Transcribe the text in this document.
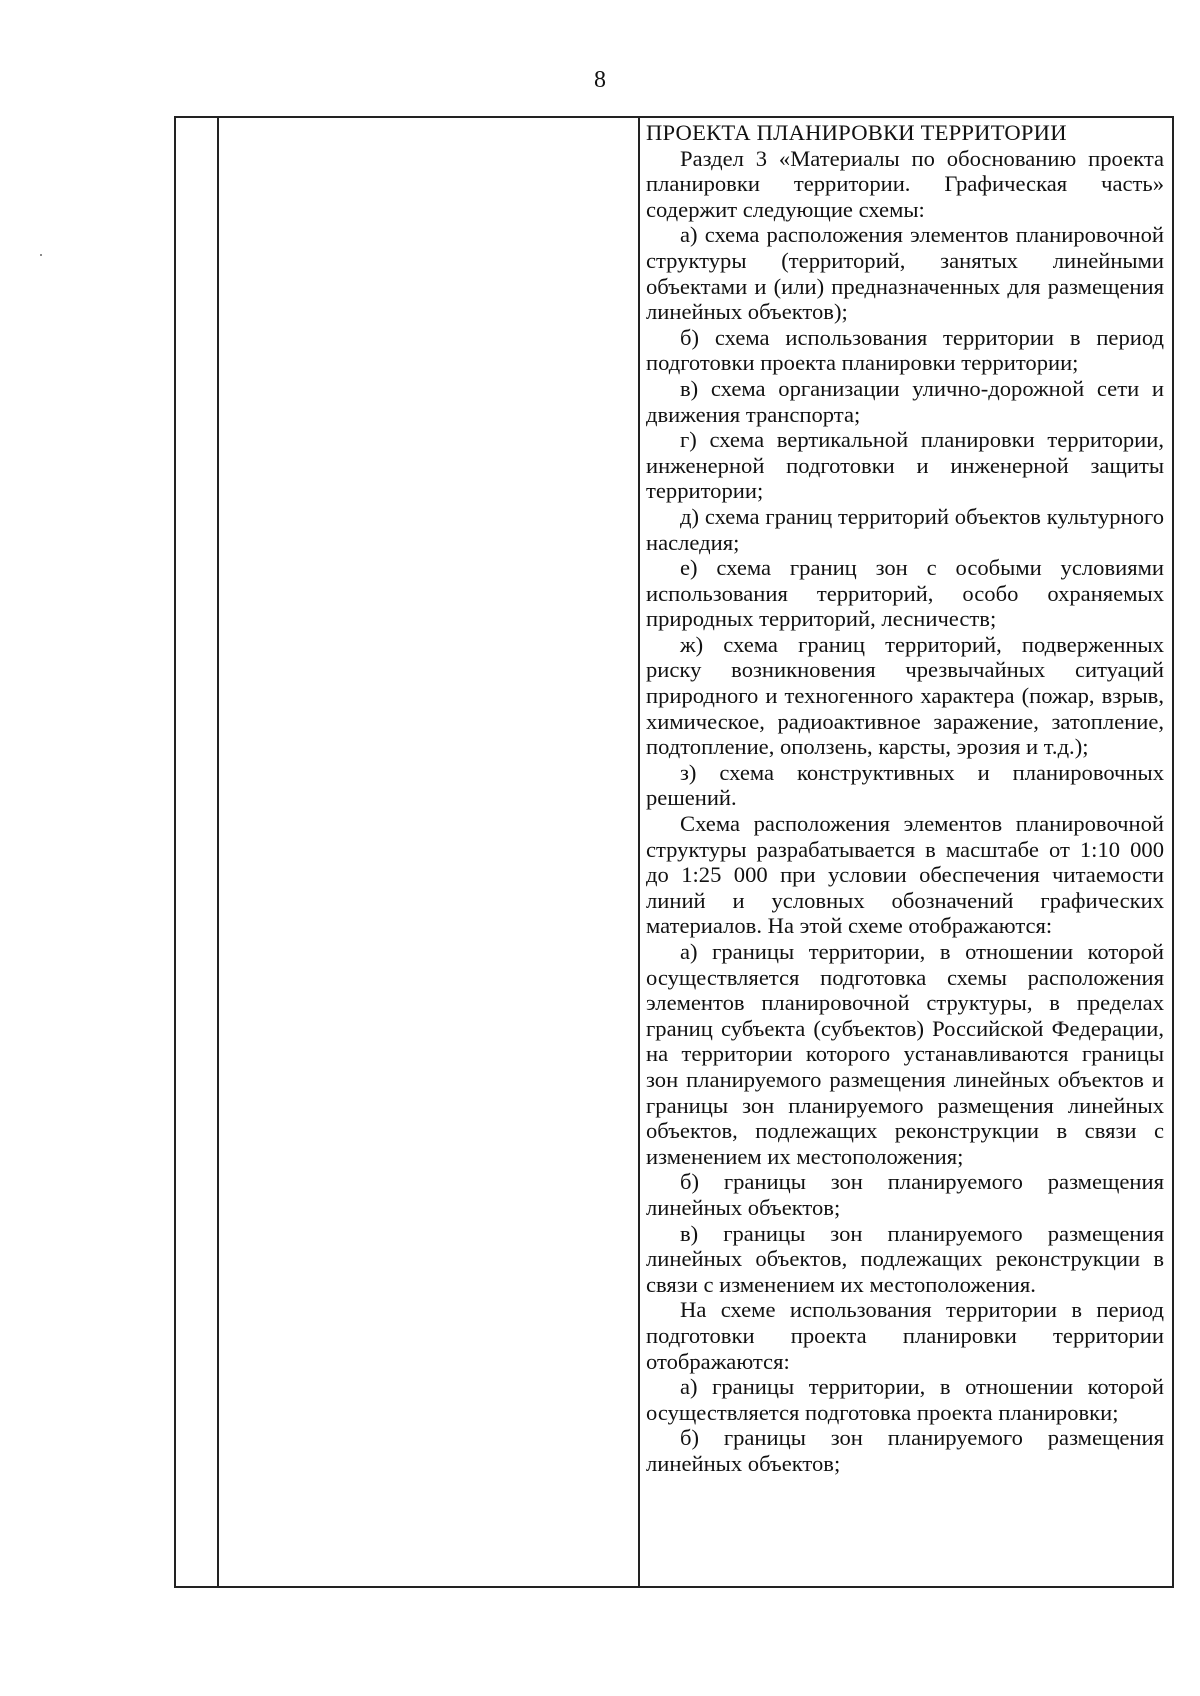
8

ПРОЕКТА ПЛАНИРОВКИ ТЕРРИТОРИИ

Раздел 3 «Материалы по обоснованию проекта планировки территории. Графическая часть» содержит следующие схемы:

а) схема расположения элементов планировочной структуры (территорий, занятых линейными объектами и (или) предназначенных для размещения линейных объектов);

б) схема использования территории в период подготовки проекта планировки территории;

в) схема организации улично-дорожной сети и движения транспорта;

г) схема вертикальной планировки территории, инженерной подготовки и инженерной защиты территории;

д) схема границ территорий объектов культурного наследия;

е) схема границ зон с особыми условиями использования территорий, особо охраняемых природных территорий, лесничеств;

ж) схема границ территорий, подверженных риску возникновения чрезвычайных ситуаций природного и техногенного характера (пожар, взрыв, химическое, радиоактивное заражение, затопление, подтопление, оползень, карсты, эрозия и т.д.);

з) схема конструктивных и планировочных решений.

Схема расположения элементов планировочной структуры разрабатывается в масштабе от 1:10 000 до 1:25 000 при условии обеспечения читаемости линий и условных обозначений графических материалов. На этой схеме отображаются:

а) границы территории, в отношении которой осуществляется подготовка схемы расположения элементов планировочной структуры, в пределах границ субъекта (субъектов) Российской Федерации, на территории которого устанавливаются границы зон планируемого размещения линейных объектов и границы зон планируемого размещения линейных объектов, подлежащих реконструкции в связи с изменением их местоположения;

б) границы зон планируемого размещения линейных объектов;

в) границы зон планируемого размещения линейных объектов, подлежащих реконструкции в связи с изменением их местоположения.

На схеме использования территории в период подготовки проекта планировки территории отображаются:

а) границы территории, в отношении которой осуществляется подготовка проекта планировки;

б) границы зон планируемого размещения линейных объектов;
